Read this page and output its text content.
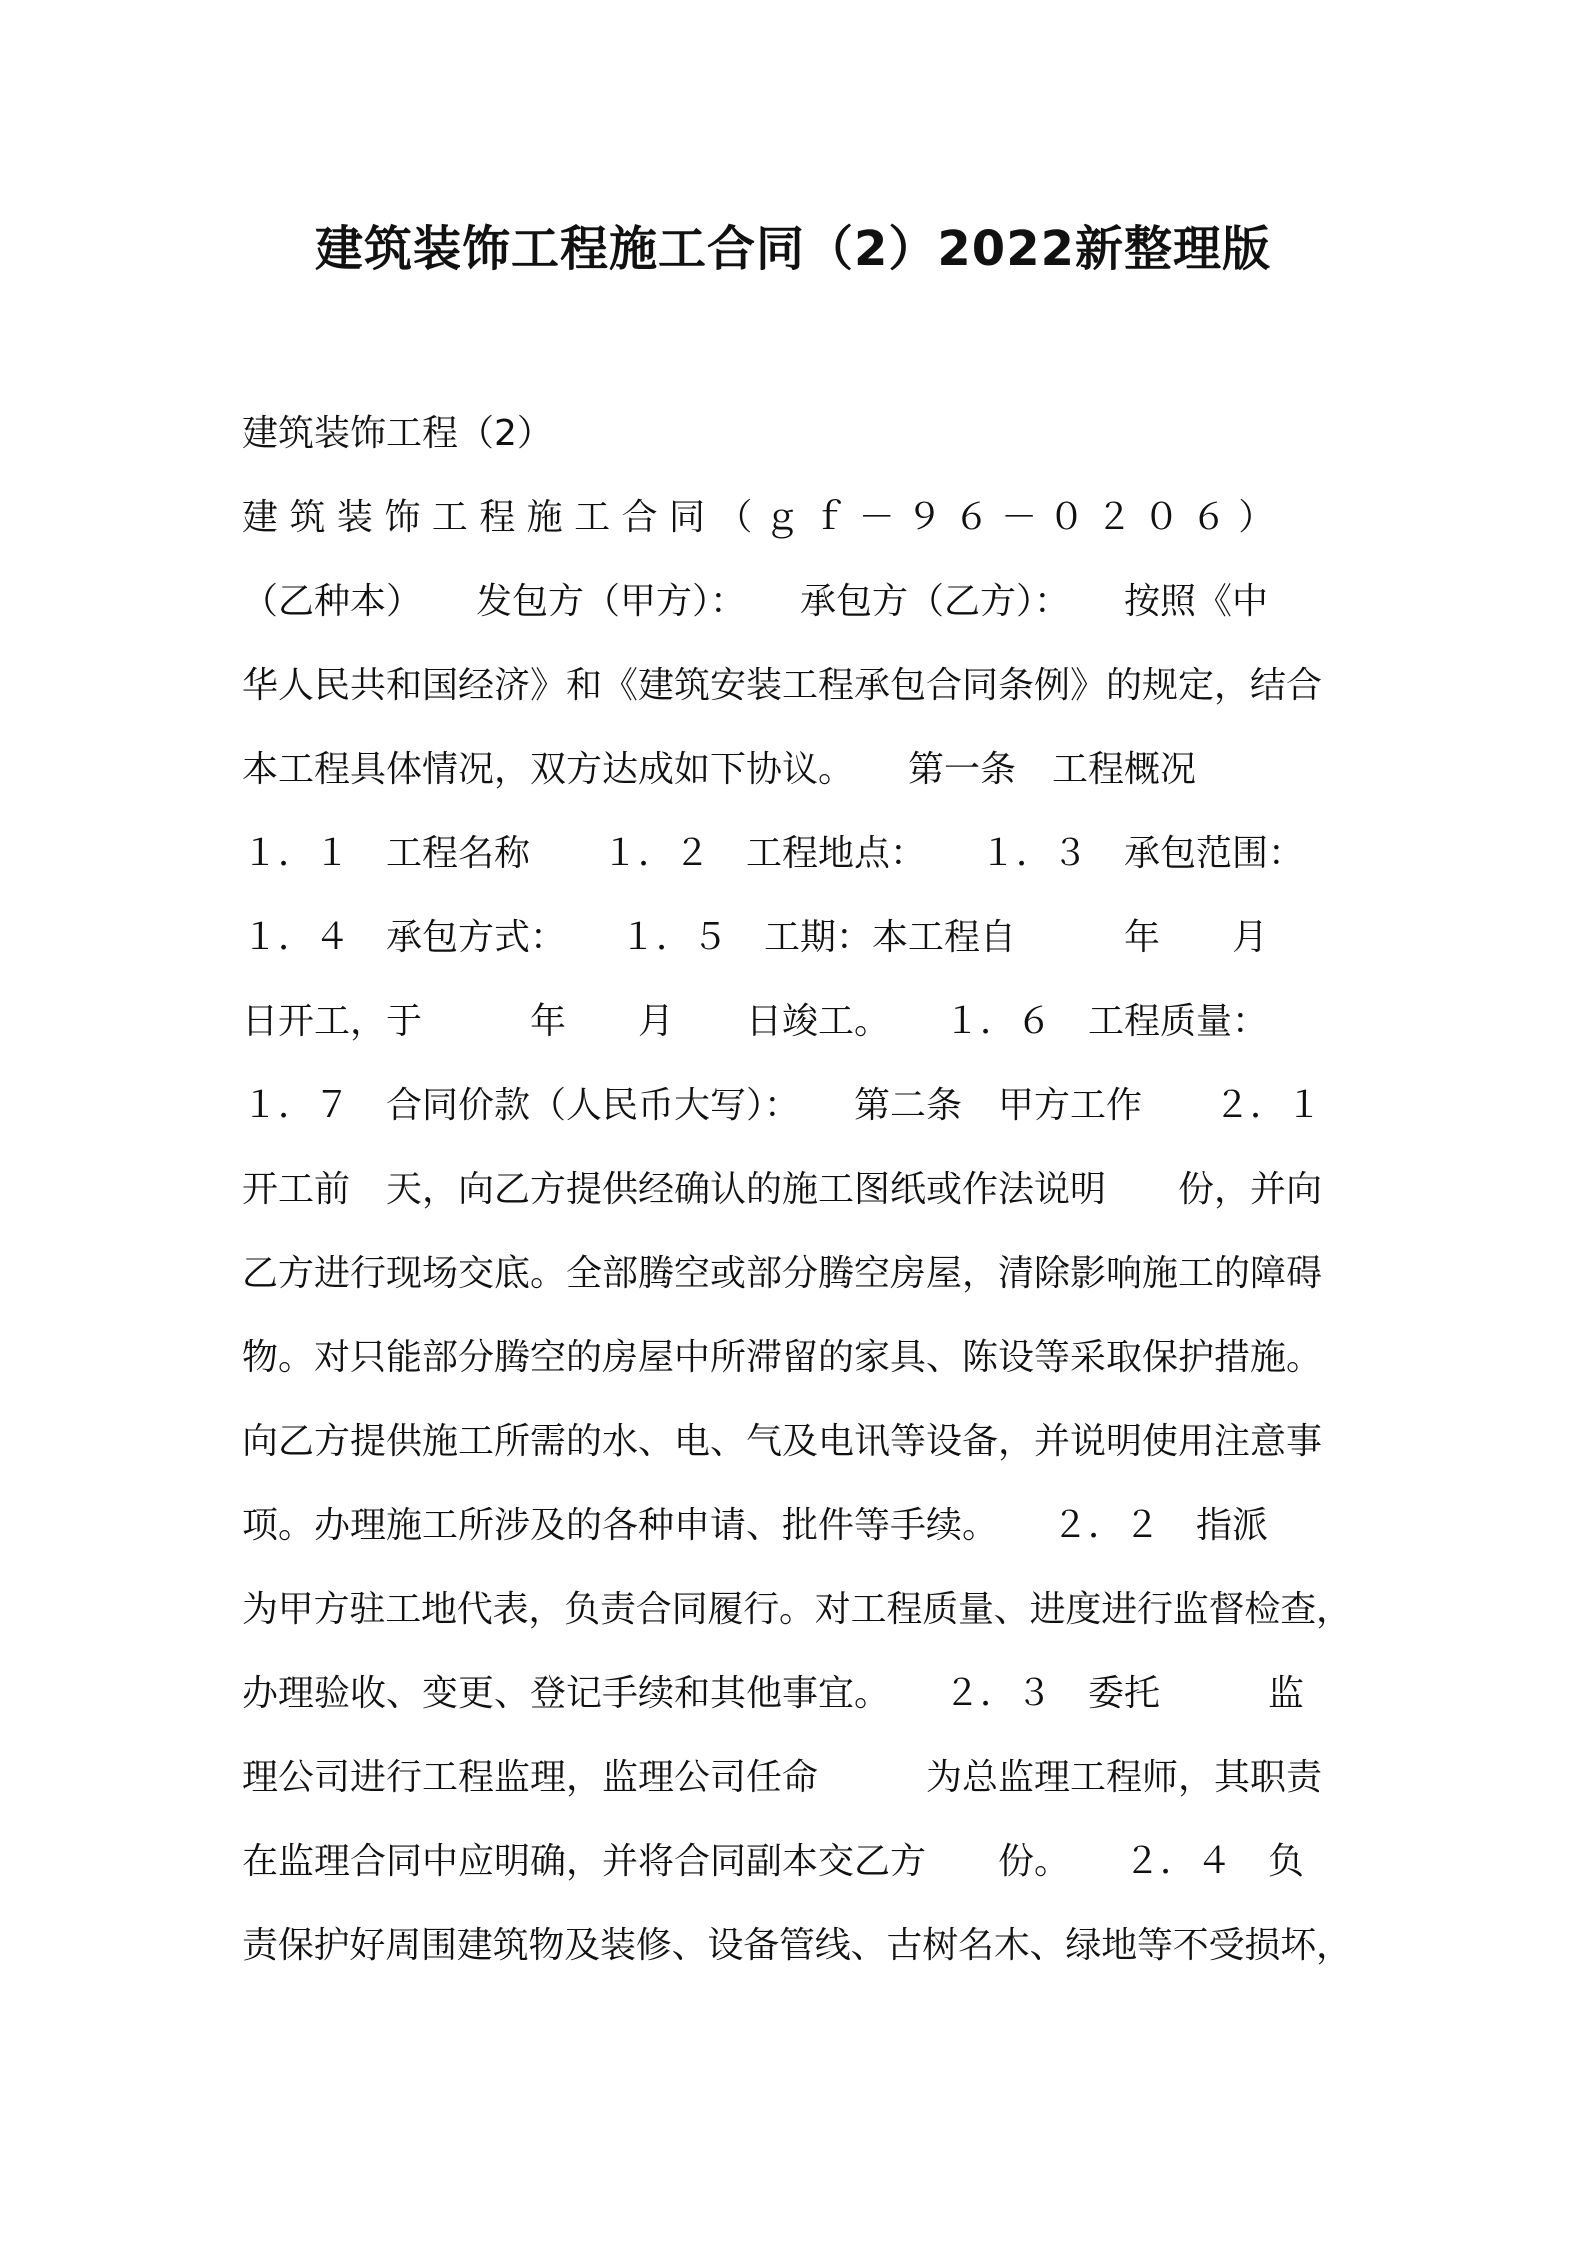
建筑装饰工程施工合同（2）2022新整理版
建筑装饰工程（2）
建 筑 装 饰 工 程 施 工 合 同 （ ｇ ｆ － ９ ６ － ０ ２ ０ ６ ）
（乙种本）　　发包方（甲方）：　　承包方（乙方）：　　按照《中
华人民共和国经济》和《建筑安装工程承包合同条例》的规定，结合
本工程具体情况，双方达成如下协议。　　第一条　工程概况
１．１　工程名称　　１．２　工程地点：　　１．３　承包范围：
１．４　承包方式：　　１．５　工期：本工程自　　　年　　月
日开工，于　　　年　　月　　日竣工。　　１．６　工程质量：
１．７　合同价款（人民币大写）：　　第二条　甲方工作　　２．１
开工前　天，向乙方提供经确认的施工图纸或作法说明　　份，并向
乙方进行现场交底。全部腾空或部分腾空房屋，清除影响施工的障碍
物。对只能部分腾空的房屋中所滞留的家具、陈设等采取保护措施。
向乙方提供施工所需的水、电、气及电讯等设备，并说明使用注意事
项。办理施工所涉及的各种申请、批件等手续。　　２．２　指派
为甲方驻工地代表，负责合同履行。对工程质量、进度进行监督检查，
办理验收、变更、登记手续和其他事宜。　　２．３　委托　　　监
理公司进行工程监理，监理公司任命　　　为总监理工程师，其职责
在监理合同中应明确，并将合同副本交乙方　　份。　　２．４　负
责保护好周围建筑物及装修、设备管线、古树名木、绿地等不受损坏，
